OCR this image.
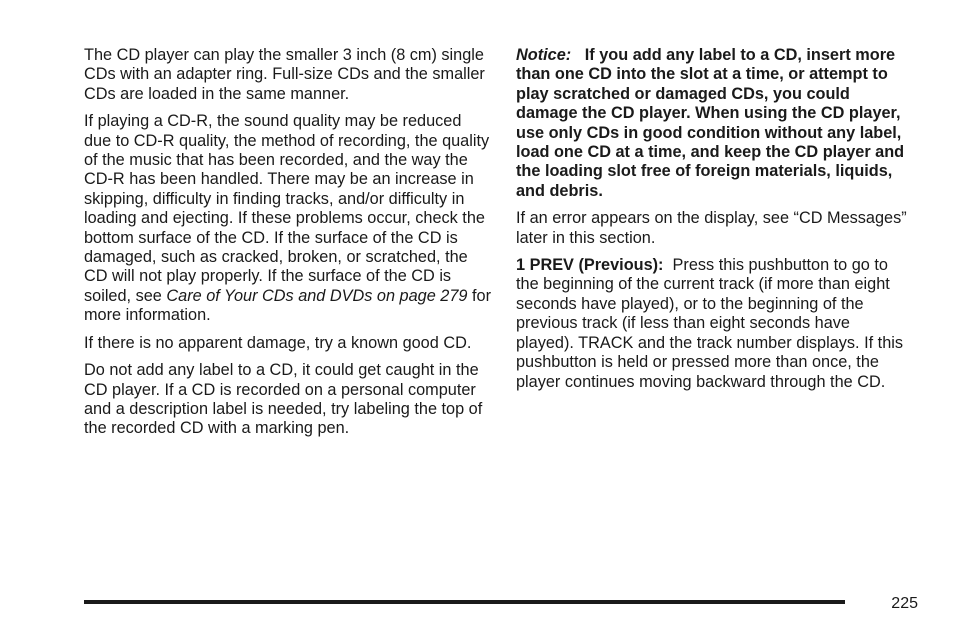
The CD player can play the smaller 3 inch (8 cm) single CDs with an adapter ring. Full-size CDs and the smaller CDs are loaded in the same manner.

If playing a CD-R, the sound quality may be reduced due to CD-R quality, the method of recording, the quality of the music that has been recorded, and the way the CD-R has been handled. There may be an increase in skipping, difficulty in finding tracks, and/or difficulty in loading and ejecting. If these problems occur, check the bottom surface of the CD. If the surface of the CD is damaged, such as cracked, broken, or scratched, the CD will not play properly. If the surface of the CD is soiled, see Care of Your CDs and DVDs on page 279 for more information.

If there is no apparent damage, try a known good CD.

Do not add any label to a CD, it could get caught in the CD player. If a CD is recorded on a personal computer and a description label is needed, try labeling the top of the recorded CD with a marking pen.

Notice: If you add any label to a CD, insert more than one CD into the slot at a time, or attempt to play scratched or damaged CDs, you could damage the CD player. When using the CD player, use only CDs in good condition without any label, load one CD at a time, and keep the CD player and the loading slot free of foreign materials, liquids, and debris.

If an error appears on the display, see “CD Messages” later in this section.

1 PREV (Previous): Press this pushbutton to go to the beginning of the current track (if more than eight seconds have played), or to the beginning of the previous track (if less than eight seconds have played). TRACK and the track number displays. If this pushbutton is held or pressed more than once, the player continues moving backward through the CD.

225
